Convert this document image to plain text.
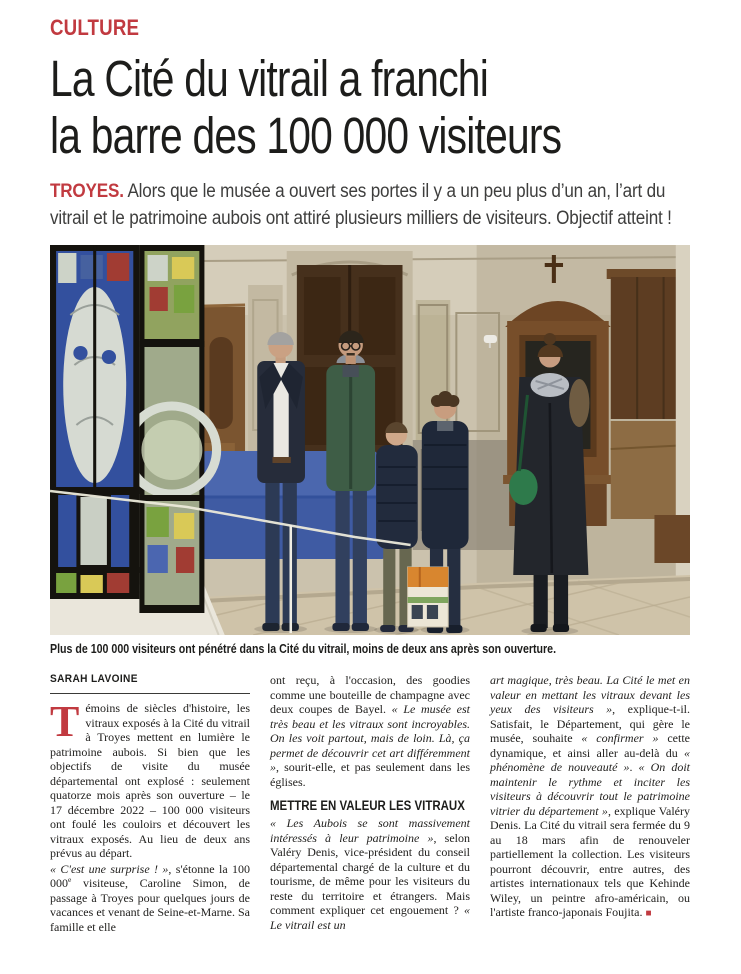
CULTURE
La Cité du vitrail a franchi
la barre des 100 000 visiteurs

TROYES. Alors que le musée a ouvert ses portes il y a un peu plus d’un an, l’art du vitrail et le patrimoine aubois ont attiré plusieurs milliers de visiteurs. Objectif atteint !

Plus de 100 000 visiteurs ont pénétré dans la Cité du vitrail, moins de deux ans après son ouverture.
SARAH LAVOINE

Témoins de siècles d'histoire, les vitraux exposés à la Cité du vitrail à Troyes mettent en lumière le patrimoine aubois. Si bien que les objectifs de visite du musée départemental ont explosé : seulement quatorze mois après son ouverture – le 17 décembre 2022 – 100 000 visiteurs ont foulé les couloirs et découvert les vitraux exposés. Au lieu de deux ans prévus au départ.

« C'est une surprise ! », s'étonne la 100 000e visiteuse, Caroline Simon, de passage à Troyes pour quelques jours de vacances et venant de Seine-et-Marne. Sa famille et elle

ont reçu, à l'occasion, des goodies comme une bouteille de champagne avec deux coupes de Bayel. « Le musée est très beau et les vitraux sont incroyables. On les voit partout, mais de loin. Là, ça permet de découvrir cet art différemment », sourit-elle, et pas seulement dans les églises.

METTRE EN VALEUR LES VITRAUX

« Les Aubois se sont massivement intéressés à leur patrimoine », selon Valéry Denis, vice-président du conseil départemental chargé de la culture et du tourisme, de même pour les visiteurs du reste du territoire et étrangers. Mais comment expliquer cet engouement ? « Le vitrail est un

art magique, très beau. La Cité le met en valeur en mettant les vitraux devant les yeux des visiteurs », explique-t-il. Satisfait, le Département, qui gère le musée, souhaite « confirmer » cette dynamique, et ainsi aller au-delà du « phénomène de nouveauté ». « On doit maintenir le rythme et inciter les visiteurs à découvrir tout le patrimoine vitrier du département », explique Valéry Denis. La Cité du vitrail sera fermée du 9 au 18 mars afin de renouveler partiellement la collection. Les visiteurs pourront découvrir, entre autres, des artistes internationaux tels que Kehinde Wiley, un peintre afro-américain, ou l'artiste franco-japonais Foujita. ■
